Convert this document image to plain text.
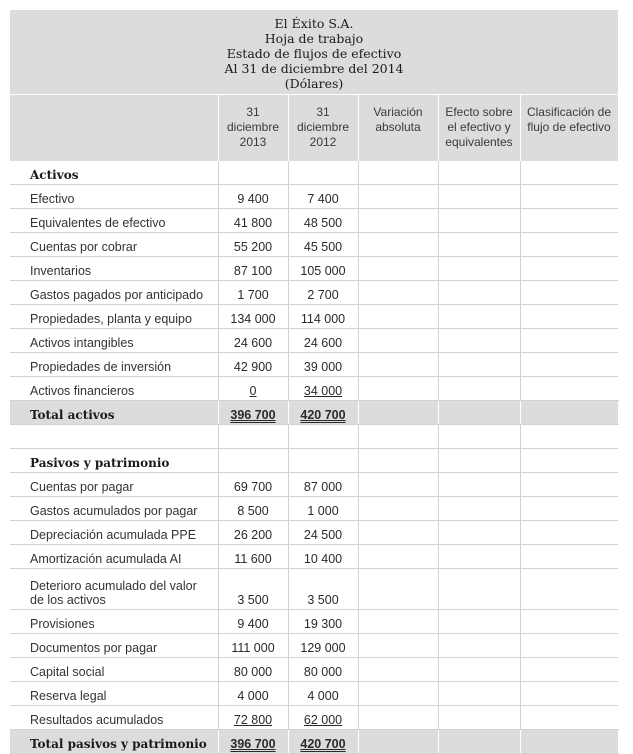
El Éxito S.A.
Hoja de trabajo
Estado de flujos de efectivo
Al 31 de diciembre del 2014
(Dólares)
	31 diciembre 2013	31 diciembre 2012	Variación absoluta	Efecto sobre el efectivo y equivalentes	Clasificación de flujo de efectivo
Activos					
Efectivo	9 400	7 400			
Equivalentes de efectivo	41 800	48 500			
Cuentas por cobrar	55 200	45 500			
Inventarios	87 100	105 000			
Gastos pagados por anticipado	1 700	2 700			
Propiedades, planta y equipo	134 000	114 000			
Activos intangibles	24 600	24 600			
Propiedades de inversión	42 900	39 000			
Activos financieros	0	34 000			
Total activos	396 700	420 700			

Pasivos y patrimonio					
Cuentas por pagar	69 700	87 000			
Gastos acumulados por pagar	8 500	1 000			
Depreciación acumulada PPE	26 200	24 500			
Amortización acumulada AI	11 600	10 400			
Deterioro acumulado del valor de los activos	3 500	3 500			
Provisiones	9 400	19 300			
Documentos por pagar	111 000	129 000			
Capital social	80 000	80 000			
Reserva legal	4 000	4 000			
Resultados acumulados	72 800	62 000			
Total pasivos y patrimonio	396 700	420 700			
